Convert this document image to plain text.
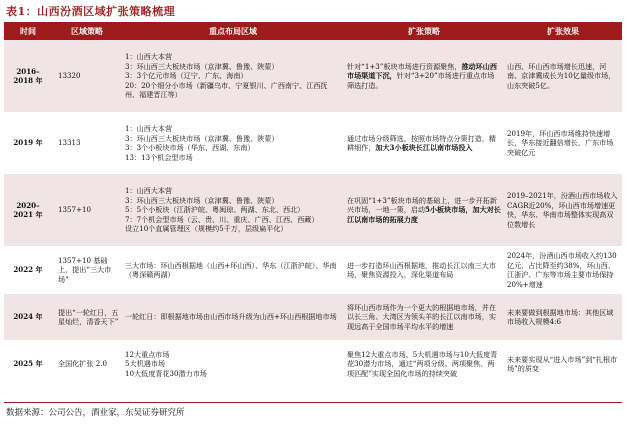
表1：山西汾酒区域扩张策略梳理
时间	区域策略	重点布局区域	扩张策略	扩张效果
2016–2018 年	13320	1：山西大本营
3：环山西三大板块市场（京津冀、鲁豫、陕蒙）
3：3个亿元市场（辽宁、广东、海南）
20：20个细分小市场（新疆乌市、宁夏银川、广西南宁、江西抚州、福建晋江等）	针对“1+3”板块市场进行资源聚焦，推动环山西市场渠道下沉，针对“3+20”市场进行重点市场筛选打造。	山西、环山西市场增长迅速，河南、京津冀成长为10亿量级市场，山东突破5亿。
2019 年	13313	1：山西大本营
3：环山西三大板块市场（京津冀、鲁豫、陕蒙）
3：3个小板块市场（华东、西湖、东南）
13：13个机会型市场	通过市场分级筛选，按照市场特点分策打造，精耕细作，加大3小板块长江以南市场投入	2019年，环山西市场维持快速增长，华东接近翻倍增长，广东市场突破亿元
2020–2021 年	1357+10	1：山西大本营
3：环山西三大板块市场（京津冀、鲁豫、陕蒙）
5：5个小板块（江浙沪皖、粤闽琼、两湖、东北、西北）
7：7个机会型市场（云、贵、川、重庆、广西、江西、西藏）
设立10个直属管理区（规模约5千万，层级扁平化）	在巩固“1+3”板块市场的基础上，进一步开拓新兴市场，一地一策，启动5小板块市场，加大对长江以南市场的拓展力度	2019–2021年，汾酒山西市场收入CAGR近20%，环山西市场增速更快，华东、华南市场整体实现高双位数增长
2022 年	1357+10 基础上，提出“三大市场”	三大市场：环山西根据地（山西+环山西）、华东（江浙沪皖）、华南（粤深赣两湖）	进一步打造环山西根据地，推动长江以南三大市场，聚焦资源投入，深化渠道布局	2024年，汾酒山西市场收入约130亿元，占比降至约38%，环山西、江浙沪、广东等市场主要市场保持20%+增速
2024 年	提出“一轮红日，五星灿烂，清香天下”	一轮红日：即根据地市场由山西市场升级为山西+环山西根据地市场	将环山西市场作为一个更大的根据地市场，并在以长三角、大湾区为领头羊的长江以南市场，实现远高于全国市场平均水平的增速	未来要做到根据地市场：其他区域市场收入规模4:6
2025 年	全国化扩张 2.0	12大重点市场
5大机遇市场
10大低度青花30潜力市场	聚焦12大重点市场、5大机遇市场与10大低度青花30潜力市场，通过“两项分级、两项聚焦、两项匹配”实现全国化市场的持续突破	未来要实现从“进入市场”到“扎根市场”的质变
数据来源：公司公告，酒业家，东吴证券研究所
